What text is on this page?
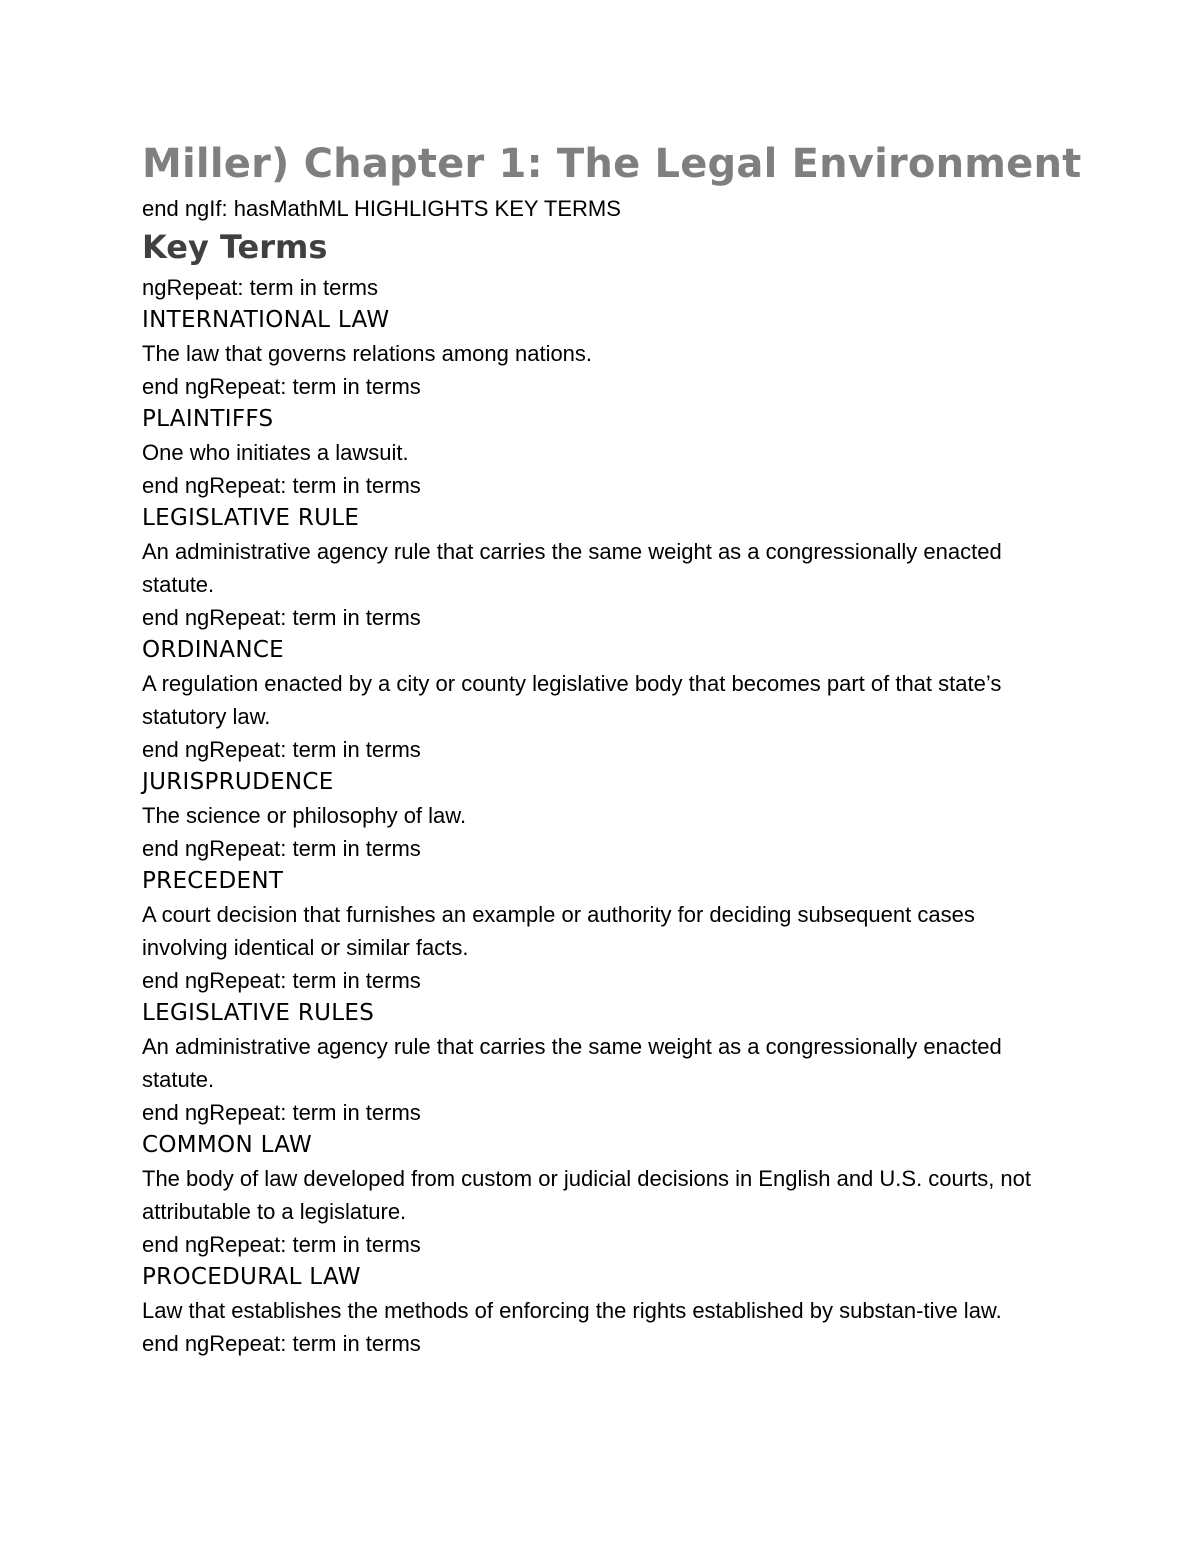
Miller) Chapter 1: The Legal Environment

end ngIf: hasMathML HIGHLIGHTS KEY TERMS

Key Terms

ngRepeat: term in terms

INTERNATIONAL LAW

The law that governs relations among nations.

end ngRepeat: term in terms

PLAINTIFFS

One who initiates a lawsuit.

end ngRepeat: term in terms

LEGISLATIVE RULE

An administrative agency rule that carries the same weight as a congressionally enacted statute.

end ngRepeat: term in terms

ORDINANCE

A regulation enacted by a city or county legislative body that becomes part of that state’s statutory law.

end ngRepeat: term in terms

JURISPRUDENCE

The science or philosophy of law.

end ngRepeat: term in terms

PRECEDENT

A court decision that furnishes an example or authority for deciding subsequent cases involving identical or similar facts.

end ngRepeat: term in terms

LEGISLATIVE RULES

An administrative agency rule that carries the same weight as a congressionally enacted statute.

end ngRepeat: term in terms

COMMON LAW

The body of law developed from custom or judicial decisions in English and U.S. courts, not attributable to a legislature.

end ngRepeat: term in terms

PROCEDURAL LAW

Law that establishes the methods of enforcing the rights established by substan-tive law.

end ngRepeat: term in terms
